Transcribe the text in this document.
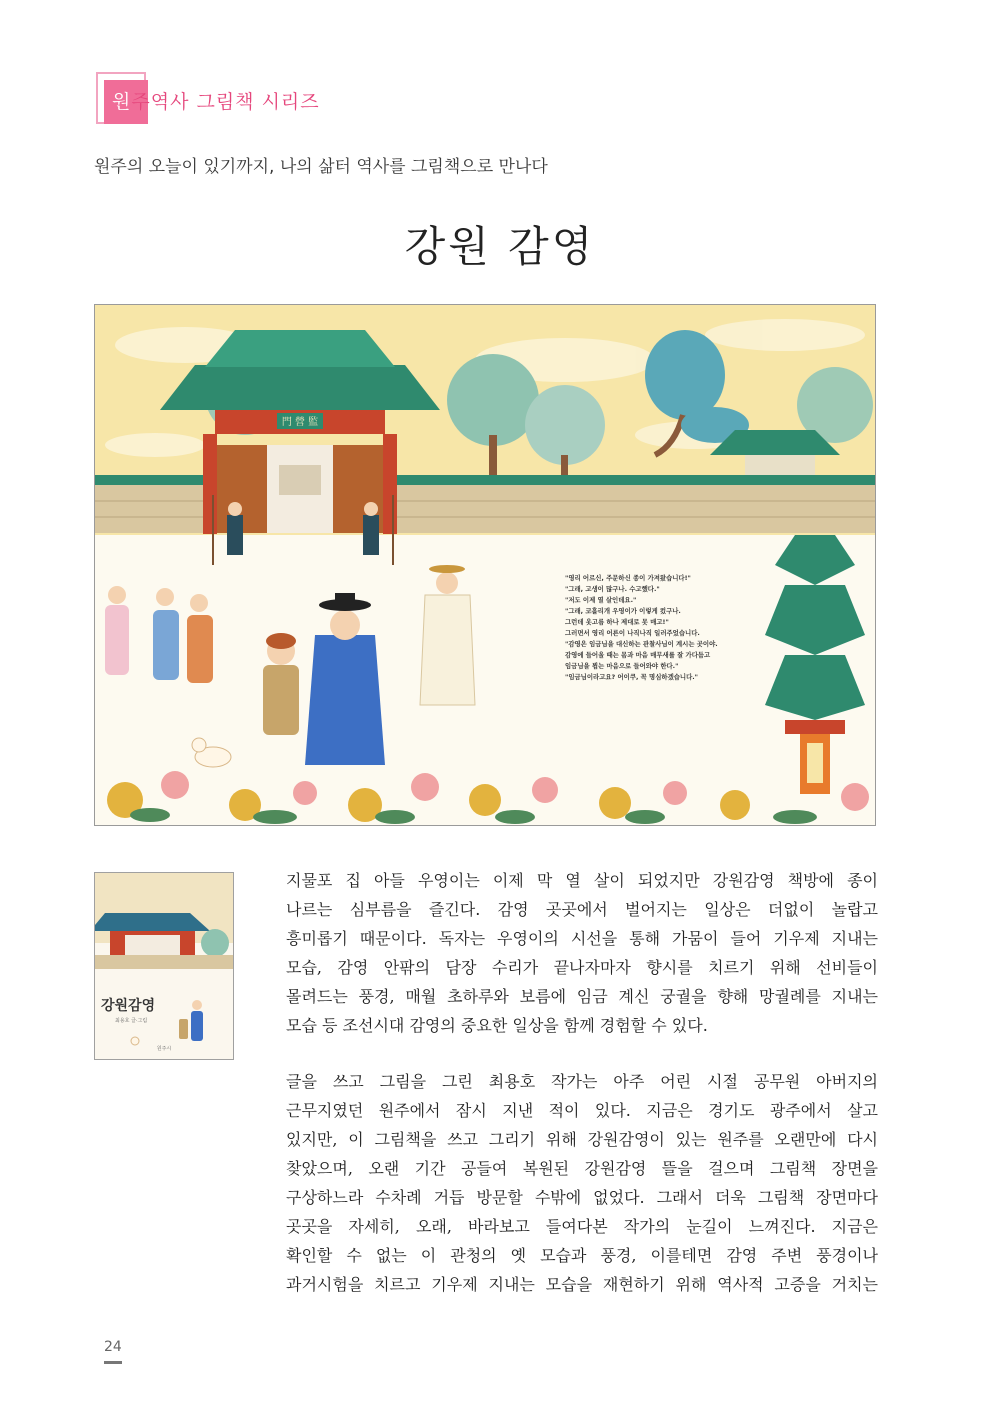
원주역사 그림책 시리즈
원주의 오늘이 있기까지, 나의 삶터 역사를 그림책으로 만나다
강원 감영
門 營 監
"영리 어르신, 주문하신 종이 가져왔습니다!"
"그래, 고생이 많구나. 수고했다."
"저도 이제 열 살인데요."
"그래, 코흘리개 우영이가 이렇게 컸구나.
그런데 옷고름 하나 제대로 못 매고!"
그러면서 영리 어른이 나직나직 일러주었습니다.
"감영은 임금님을 대신하는 관찰사님이 계시는 곳이야.
감영에 들어올 때는 몸과 마음 매무새를 잘 가다듬고
임금님을 뵙는 마음으로 들어와야 한다."
"임금님이라고요? 어이쿠, 꼭 명심하겠습니다."
강원감영
최용호 글·그림
원주시

지물포 집 아들 우영이는 이제 막 열 살이 되었지만 강원감영 책방에 종이

나르는 심부름을 즐긴다. 감영 곳곳에서 벌어지는 일상은 더없이 놀랍고

흥미롭기 때문이다. 독자는 우영이의 시선을 통해 가뭄이 들어 기우제 지내는

모습, 감영 안팎의 담장 수리가 끝나자마자 향시를 치르기 위해 선비들이

몰려드는 풍경, 매월 초하루와 보름에 임금 계신 궁궐을 향해 망궐례를 지내는

모습 등 조선시대 감영의 중요한 일상을 함께 경험할 수 있다.

글을 쓰고 그림을 그린 최용호 작가는 아주 어린 시절 공무원 아버지의

근무지였던 원주에서 잠시 지낸 적이 있다. 지금은 경기도 광주에서 살고

있지만, 이 그림책을 쓰고 그리기 위해 강원감영이 있는 원주를 오랜만에 다시

찾았으며, 오랜 기간 공들여 복원된 강원감영 뜰을 걸으며 그림책 장면을

구상하느라 수차례 거듭 방문할 수밖에 없었다. 그래서 더욱 그림책 장면마다

곳곳을 자세히, 오래, 바라보고 들여다본 작가의 눈길이 느껴진다. 지금은

확인할 수 없는 이 관청의 옛 모습과 풍경, 이를테면 감영 주변 풍경이나

과거시험을 치르고 기우제 지내는 모습을 재현하기 위해 역사적 고증을 거치는

24
